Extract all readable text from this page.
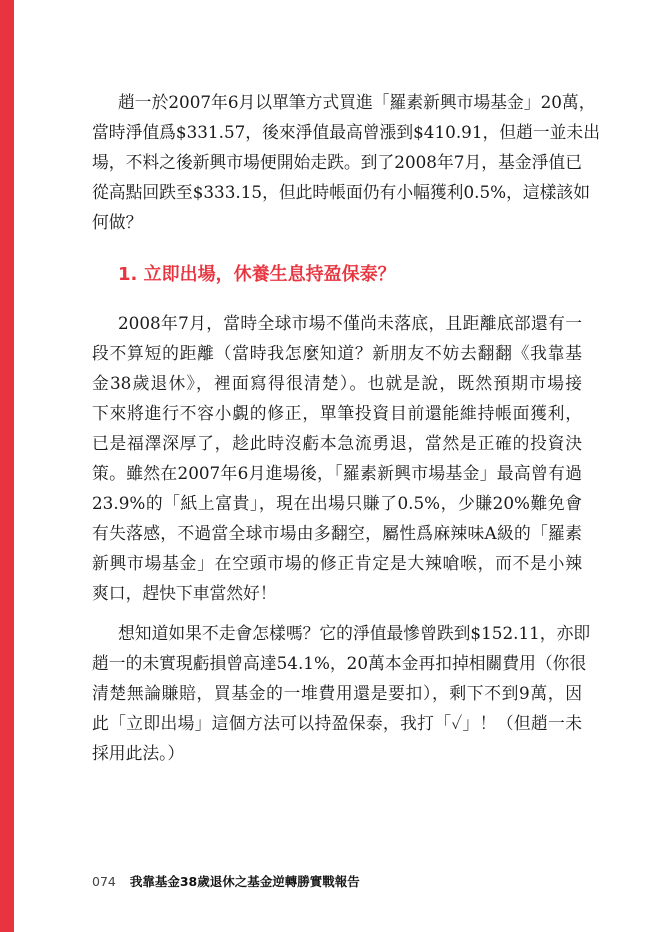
趙一於2007年6月以單筆方式買進「羅素新興市場基金」20萬，
當時淨值爲$331.57，後來淨值最高曾漲到$410.91，但趙一並未出
場，不料之後新興市場便開始走跌。到了2008年7月，基金淨值已
從高點回跌至$333.15，但此時帳面仍有小幅獲利0.5%，這樣該如
何做？
1. 立即出場，休養生息持盈保泰？
2008年7月，當時全球市場不僅尚未落底，且距離底部還有一
段不算短的距離（當時我怎麼知道？新朋友不妨去翻翻《我靠基
金38歲退休》，裡面寫得很清楚）。也就是說，既然預期市場接
下來將進行不容小覷的修正，單筆投資目前還能維持帳面獲利，
已是福澤深厚了，趁此時沒虧本急流勇退，當然是正確的投資決
策。雖然在2007年6月進場後，「羅素新興市場基金」最高曾有過
23.9%的「紙上富貴」，現在出場只賺了0.5%，少賺20%難免會
有失落感，不過當全球市場由多翻空，屬性爲麻辣味A級的「羅素
新興市場基金」在空頭市場的修正肯定是大辣嗆喉，而不是小辣
爽口，趕快下車當然好！
想知道如果不走會怎樣嗎？它的淨值最慘曾跌到$152.11，亦即
趙一的未實現虧損曾高達54.1%，20萬本金再扣掉相關費用（你很
清楚無論賺賠，買基金的一堆費用還是要扣），剩下不到9萬，因
此「立即出場」這個方法可以持盈保泰，我打「✓」！（但趙一未
採用此法。）
074 我靠基金38歲退休之基金逆轉勝實戰報告
